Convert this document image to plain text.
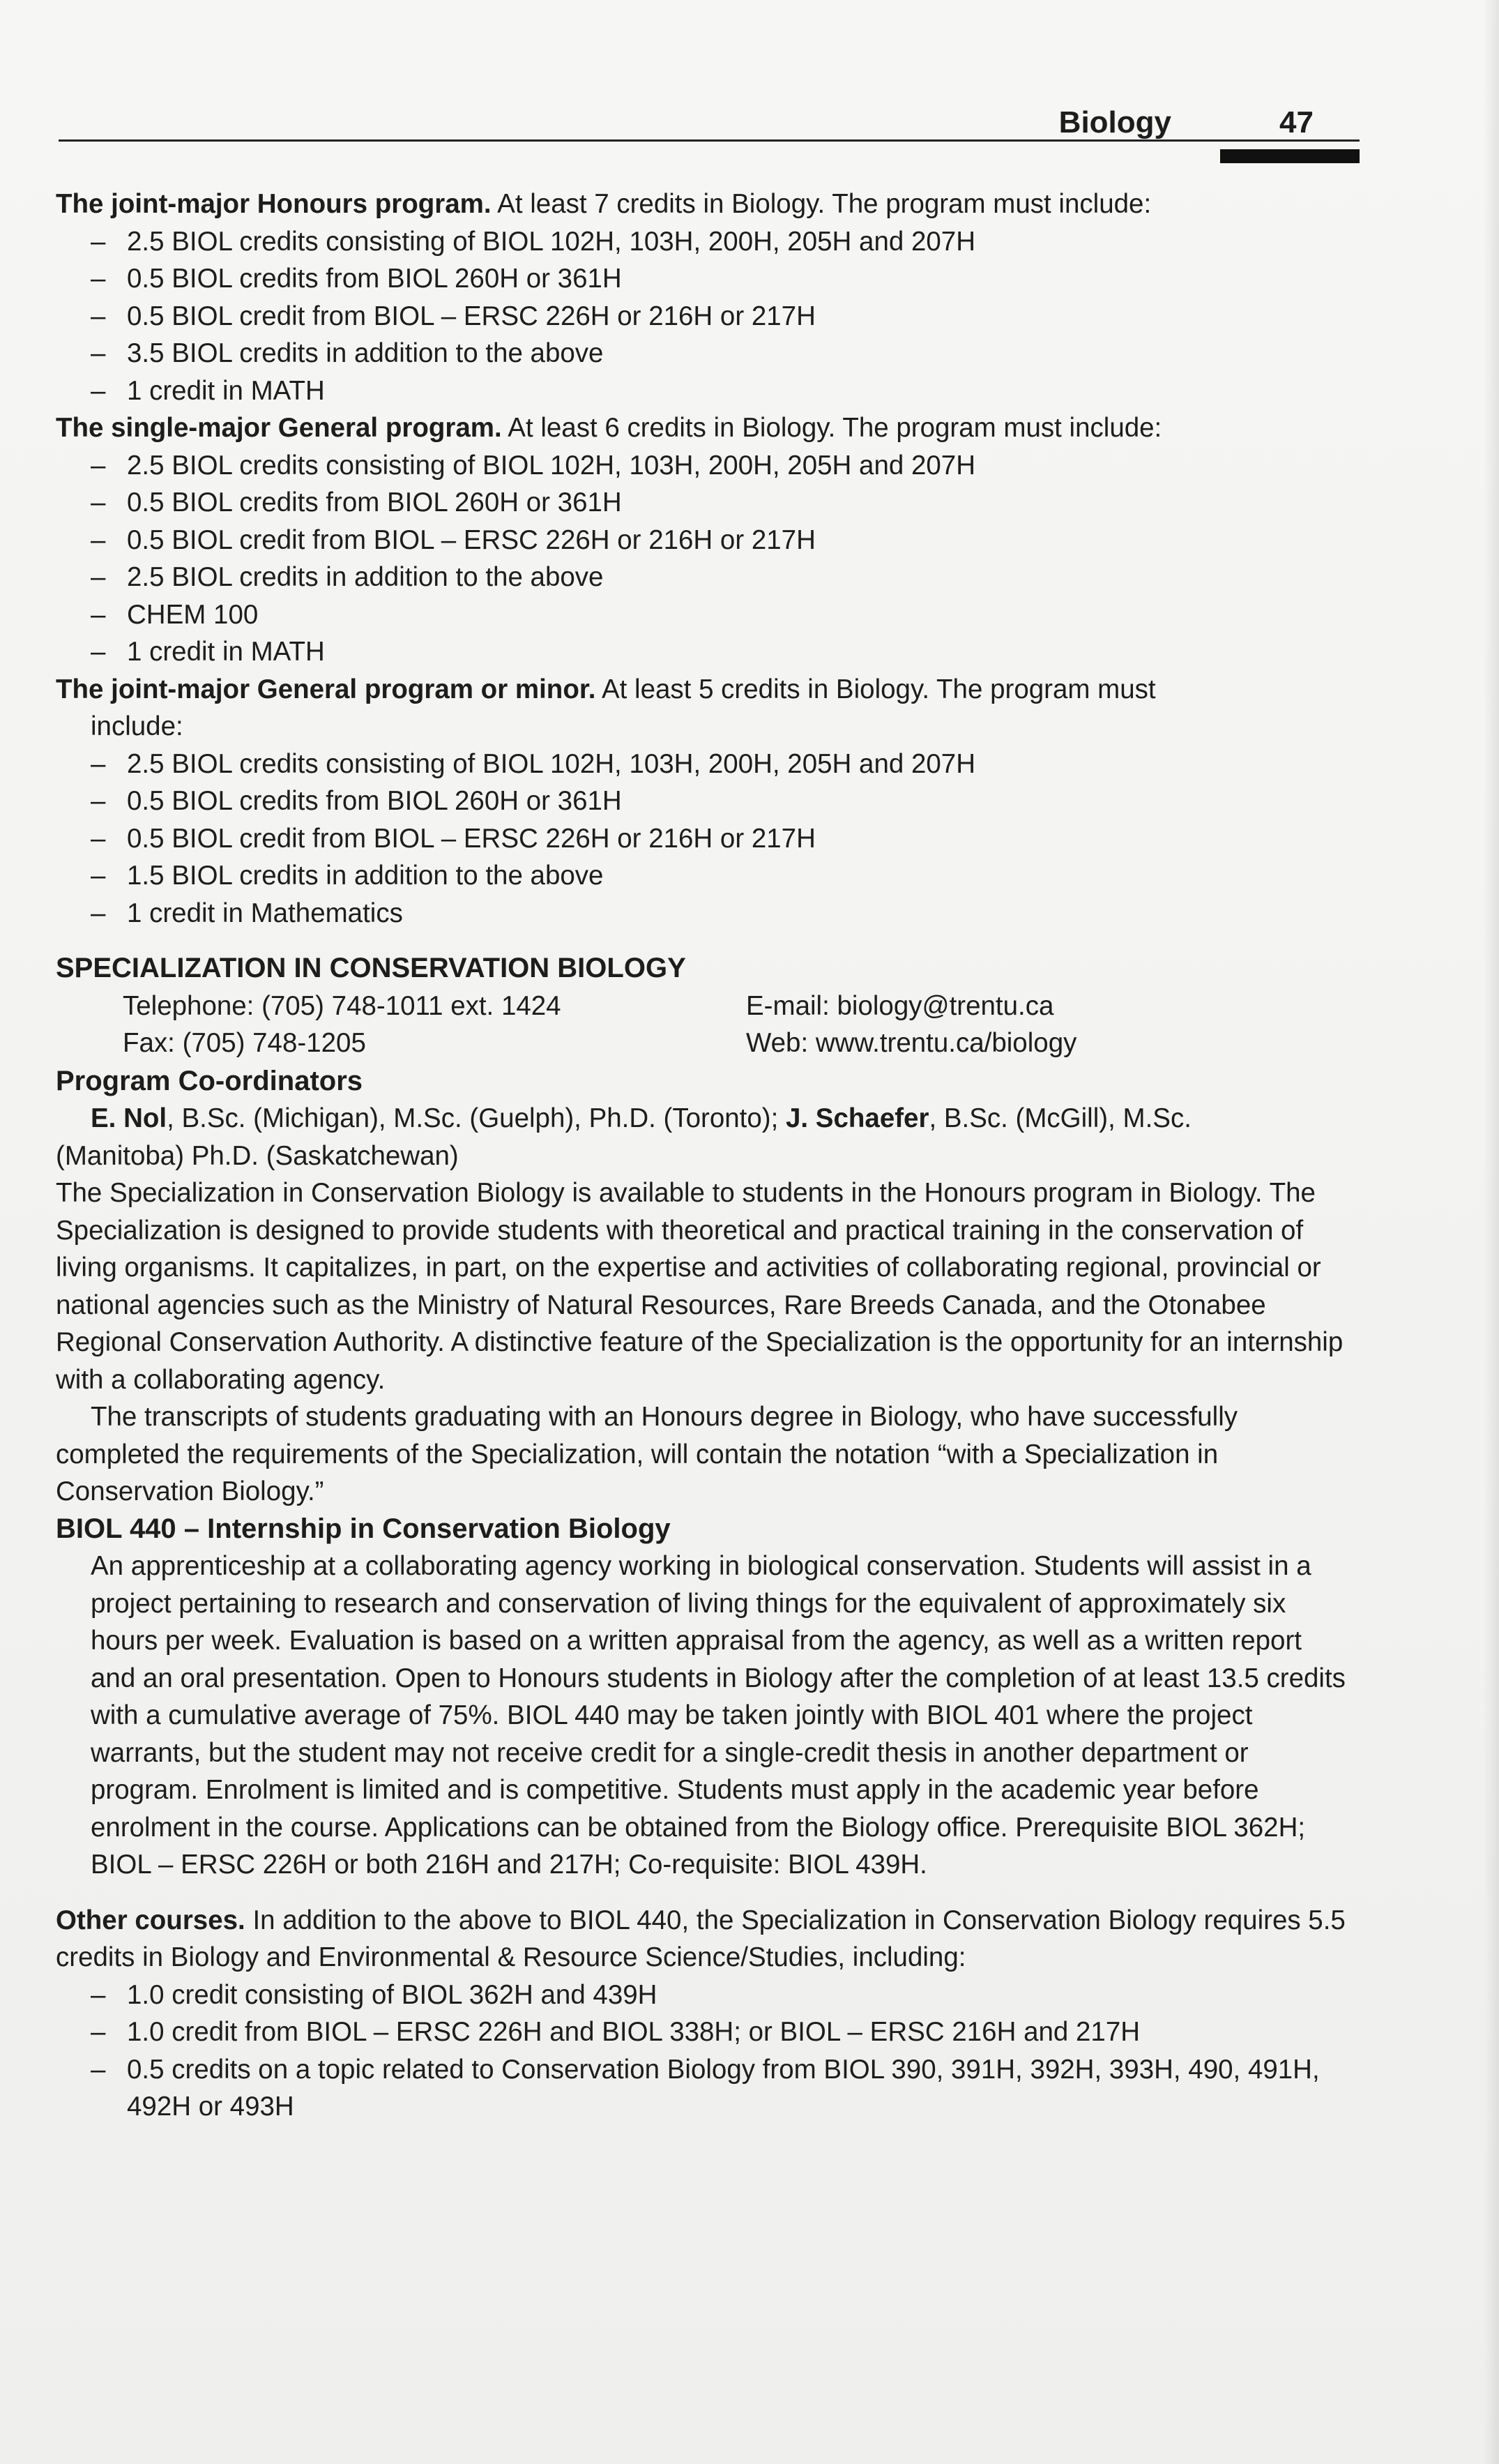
Biology	47

The joint-major Honours program. At least 7 credits in Biology. The program must include:

– 2.5 BIOL credits consisting of BIOL 102H, 103H, 200H, 205H and 207H
– 0.5 BIOL credits from BIOL 260H or 361H
– 0.5 BIOL credit from BIOL – ERSC 226H or 216H or 217H
– 3.5 BIOL credits in addition to the above
– 1 credit in MATH

The single-major General program. At least 6 credits in Biology. The program must include:

– 2.5 BIOL credits consisting of BIOL 102H, 103H, 200H, 205H and 207H
– 0.5 BIOL credits from BIOL 260H or 361H
– 0.5 BIOL credit from BIOL – ERSC 226H or 216H or 217H
– 2.5 BIOL credits in addition to the above
– CHEM 100
– 1 credit in MATH

The joint-major General program or minor. At least 5 credits in Biology. The program must

include:

– 2.5 BIOL credits consisting of BIOL 102H, 103H, 200H, 205H and 207H
– 0.5 BIOL credits from BIOL 260H or 361H
– 0.5 BIOL credit from BIOL – ERSC 226H or 216H or 217H
– 1.5 BIOL credits in addition to the above
– 1 credit in Mathematics

SPECIALIZATION IN CONSERVATION BIOLOGY

Telephone: (705) 748-1011 ext. 1424
Fax: (705) 748-1205
E-mail: biology@trentu.ca
Web: www.trentu.ca/biology

Program Co-ordinators

E. Nol, B.Sc. (Michigan), M.Sc. (Guelph), Ph.D. (Toronto); J. Schaefer, B.Sc. (McGill), M.Sc.

(Manitoba) Ph.D. (Saskatchewan)

The Specialization in Conservation Biology is available to students in the Honours program in Biology. The Specialization is designed to provide students with theoretical and practical training in the conservation of living organisms. It capitalizes, in part, on the expertise and activities of collaborating regional, provincial or national agencies such as the Ministry of Natural Resources, Rare Breeds Canada, and the Otonabee Regional Conservation Authority. A distinctive feature of the Specialization is the opportunity for an internship with a collaborating agency.

The transcripts of students graduating with an Honours degree in Biology, who have successfully completed the requirements of the Specialization, will contain the notation “with a Specialization in Conservation Biology.”

BIOL 440 – Internship in Conservation Biology

An apprenticeship at a collaborating agency working in biological conservation. Students will assist in a project pertaining to research and conservation of living things for the equivalent of approximately six hours per week. Evaluation is based on a written appraisal from the agency, as well as a written report and an oral presentation. Open to Honours students in Biology after the completion of at least 13.5 credits with a cumulative average of 75%. BIOL 440 may be taken jointly with BIOL 401 where the project warrants, but the student may not receive credit for a single-credit thesis in another department or program. Enrolment is limited and is competitive. Students must apply in the academic year before enrolment in the course. Applications can be obtained from the Biology office. Prerequisite BIOL 362H; BIOL – ERSC 226H or both 216H and 217H; Co-requisite: BIOL 439H.

Other courses. In addition to the above to BIOL 440, the Specialization in Conservation Biology requires 5.5 credits in Biology and Environmental & Resource Science/Studies, including:

– 1.0 credit consisting of BIOL 362H and 439H
– 1.0 credit from BIOL – ERSC 226H and BIOL 338H; or BIOL – ERSC 216H and 217H
– 0.5 credits on a topic related to Conservation Biology from BIOL 390, 391H, 392H, 393H, 490, 491H, 492H or 493H
